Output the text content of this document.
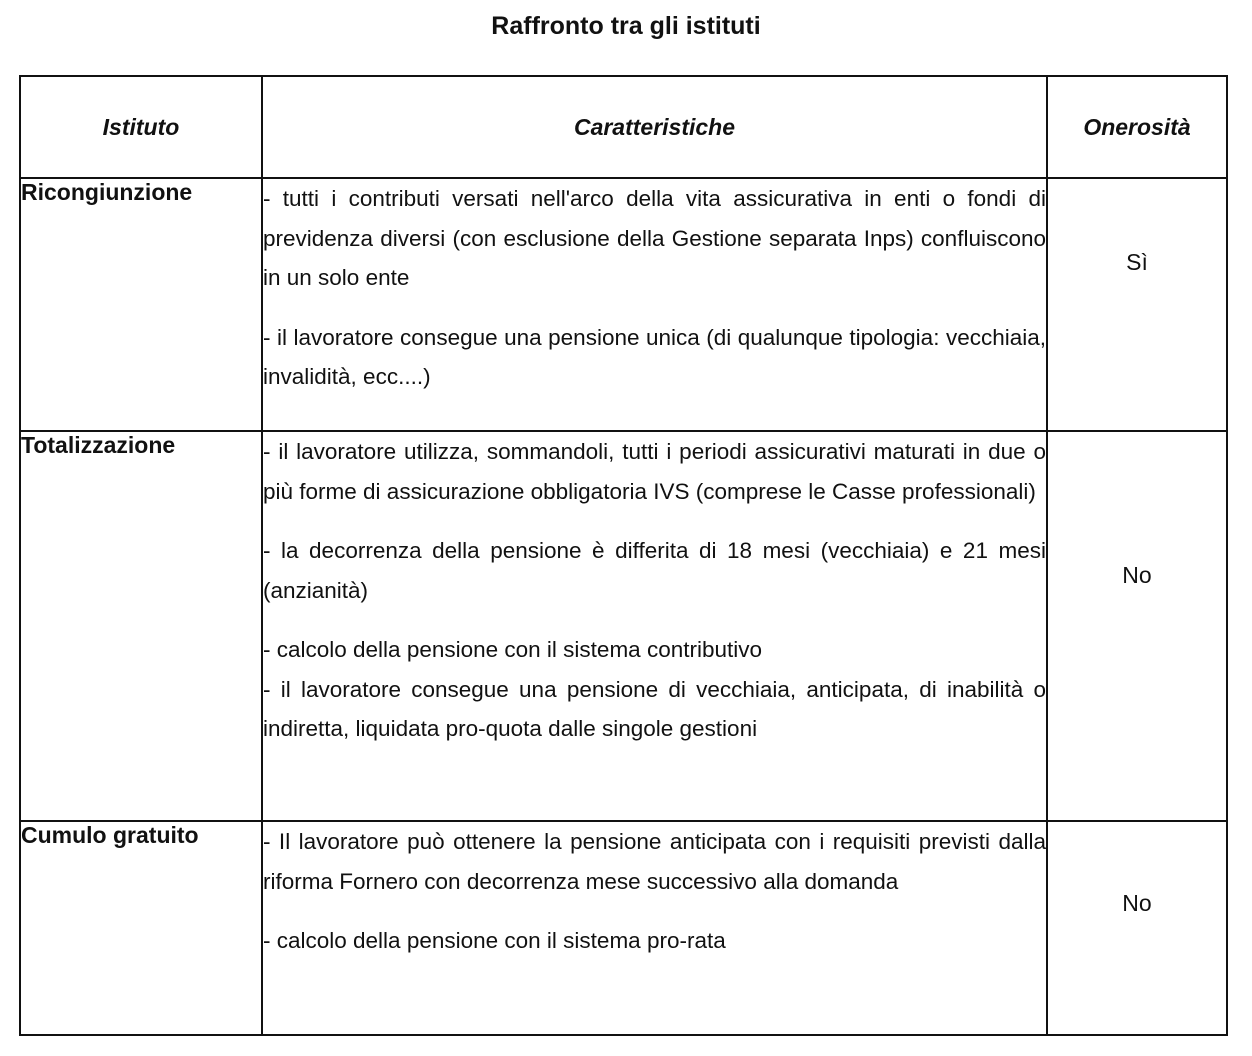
Raffronto tra gli istituti
Istituto	Caratteristiche	Onerosità
Ricongiunzione	- tutti i contributi versati nell'arco della vita assicurativa in enti o fondi di previdenza diversi (con esclusione della Gestione separata Inps) confluiscono in un solo ente

- il lavoratore consegue una pensione unica (di qualunque tipologia: vecchiaia, invalidità, ecc....)	Sì

Totalizzazione	- il lavoratore utilizza, sommandoli, tutti i periodi assicurativi maturati in due o più forme di assicurazione obbligatoria IVS (comprese le Casse professionali)

- la decorrenza della pensione è differita di 18 mesi (vecchiaia) e 21 mesi (anzianità)

- calcolo della pensione con il sistema contributivo

- il lavoratore consegue una pensione di vecchiaia, anticipata, di inabilità o indiretta, liquidata pro-quota dalle singole gestioni	No

Cumulo gratuito	- Il lavoratore può ottenere la pensione anticipata con i requisiti previsti dalla riforma Fornero con decorrenza mese successivo alla domanda

- calcolo della pensione con il sistema pro-rata	No
